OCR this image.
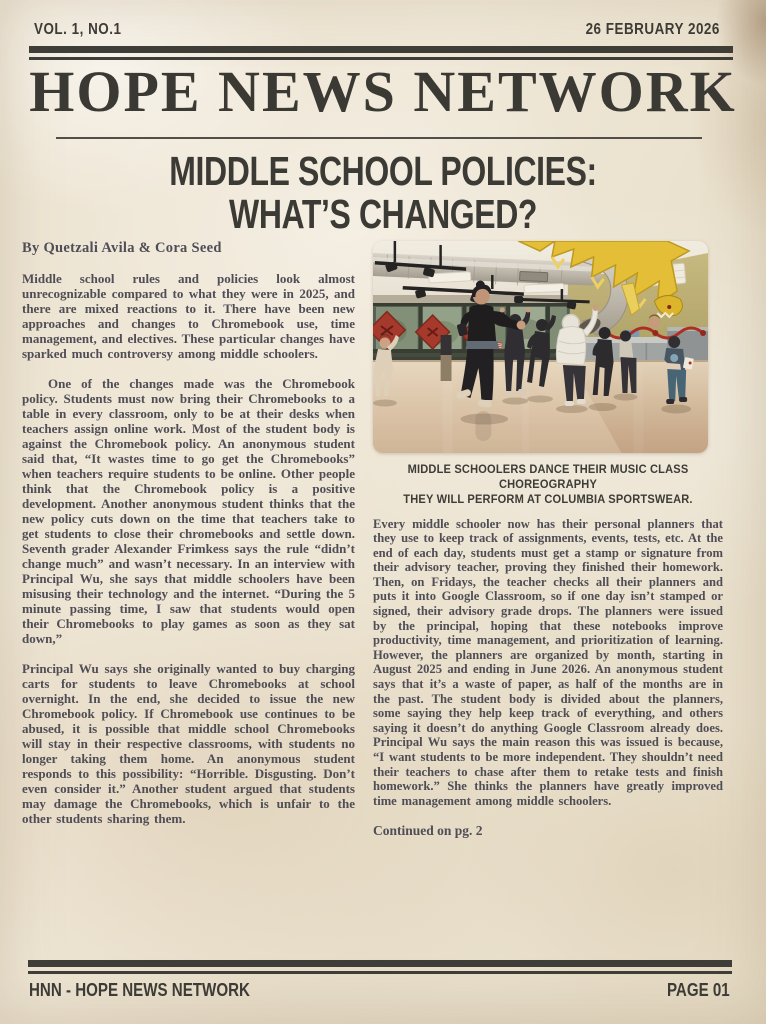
VOL. 1, NO.1	26 FEBRUARY 2026
HOPE NEWS NETWORK
MIDDLE SCHOOL POLICIES:
WHAT’S CHANGED?

By Quetzali Avila & Cora Seed

Middle school rules and policies look almost unrecognizable compared to what they were in 2025, and there are mixed reactions to it. There have been new approaches and changes to Chromebook use, time management, and electives. These particular changes have sparked much controversy among middle schoolers.

One of the changes made was the Chromebook policy. Students must now bring their Chromebooks to a table in every classroom, only to be at their desks when teachers assign online work. Most of the student body is against the Chromebook policy. An anonymous student said that, “It wastes time to go get the Chromebooks” when teachers require students to be online. Other people think that the Chromebook policy is a positive development. Another anonymous student thinks that the new policy cuts down on the time that teachers take to get students to close their chromebooks and settle down. Seventh grader Alexander Frimkess says the rule “didn’t change much” and wasn’t necessary. In an interview with Principal Wu, she says that middle schoolers have been misusing their technology and the internet. “During the 5 minute passing time, I saw that students would open their Chromebooks to play games as soon as they sat down,”

Principal Wu says she originally wanted to buy charging carts for students to leave Chromebooks at school overnight. In the end, she decided to issue the new Chromebook policy. If Chromebook use continues to be abused, it is possible that middle school Chromebooks will stay in their respective classrooms, with students no longer taking them home. An anonymous student responds to this possibility: “Horrible. Disgusting. Don’t even consider it.” Another student argued that students may damage the Chromebooks, which is unfair to the other students sharing them.

MIDDLE SCHOOLERS DANCE THEIR MUSIC CLASS CHOREOGRAPHY
THEY WILL PERFORM AT COLUMBIA SPORTSWEAR.

Every middle schooler now has their personal planners that they use to keep track of assignments, events, tests, etc. At the end of each day, students must get a stamp or signature from their advisory teacher, proving they finished their homework. Then, on Fridays, the teacher checks all their planners and puts it into Google Classroom, so if one day isn’t stamped or signed, their advisory grade drops. The planners were issued by the principal, hoping that these notebooks improve productivity, time management, and prioritization of learning. However, the planners are organized by month, starting in August 2025 and ending in June 2026. An anonymous student says that it’s a waste of paper, as half of the months are in the past. The student body is divided about the planners, some saying they help keep track of everything, and others saying it doesn’t do anything Google Classroom already does. Principal Wu says the main reason this was issued is because, “I want students to be more independent. They shouldn’t need their teachers to chase after them to retake tests and finish homework.” She thinks the planners have greatly improved time management among middle schoolers.

Continued on pg. 2

HNN - HOPE NEWS NETWORK	PAGE 01
